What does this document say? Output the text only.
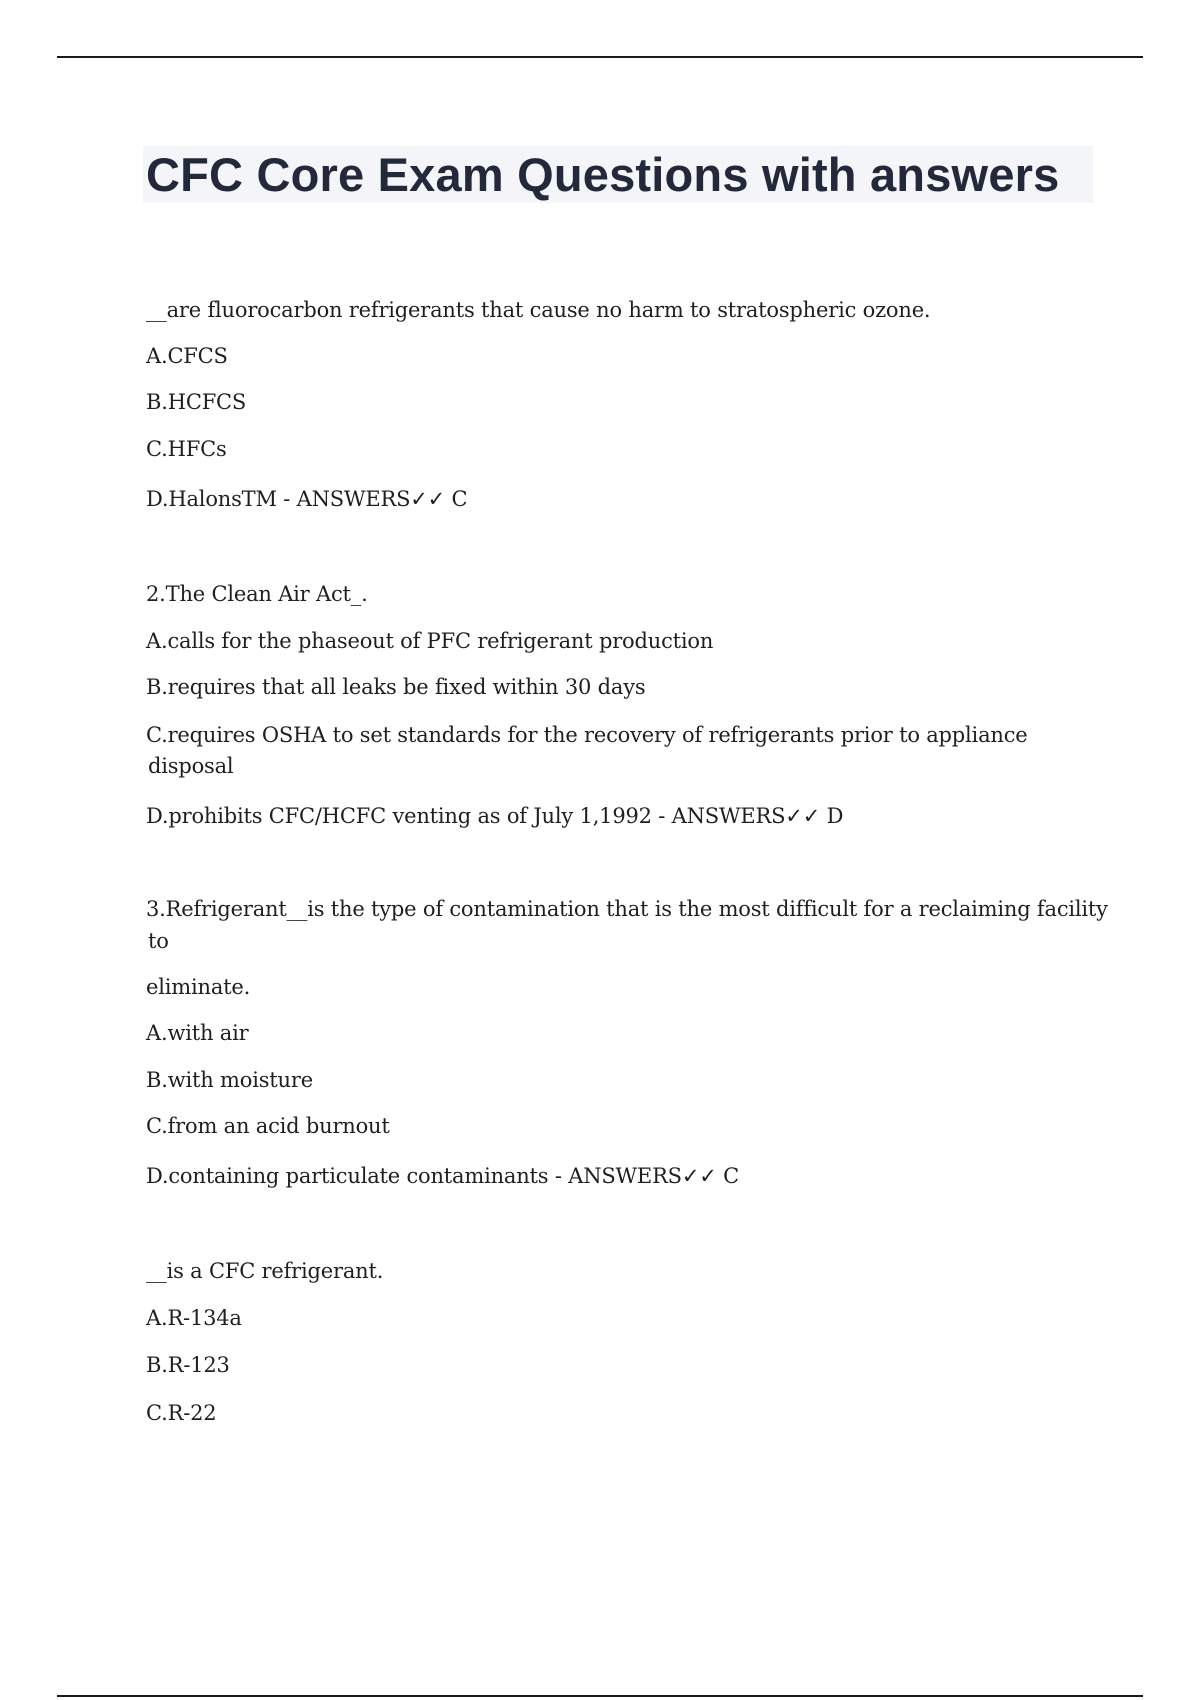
CFC Core Exam Questions with answers
__are fluorocarbon refrigerants that cause no harm to stratospheric ozone.
A.CFCS
B.HCFCS
C.HFCs
D.HalonsTM - ANSWERS✓✓ C
2.The Clean Air Act_.
A.calls for the phaseout of PFC refrigerant production
B.requires that all leaks be fixed within 30 days
C.requires OSHA to set standards for the recovery of refrigerants prior to appliance
disposal
D.prohibits CFC/HCFC venting as of July 1,1992 - ANSWERS✓✓ D
3.Refrigerant__is the type of contamination that is the most difficult for a reclaiming facility
to
eliminate.
A.with air
B.with moisture
C.from an acid burnout
D.containing particulate contaminants - ANSWERS✓✓ C
__is a CFC refrigerant.
A.R-134a
B.R-123
C.R-22
